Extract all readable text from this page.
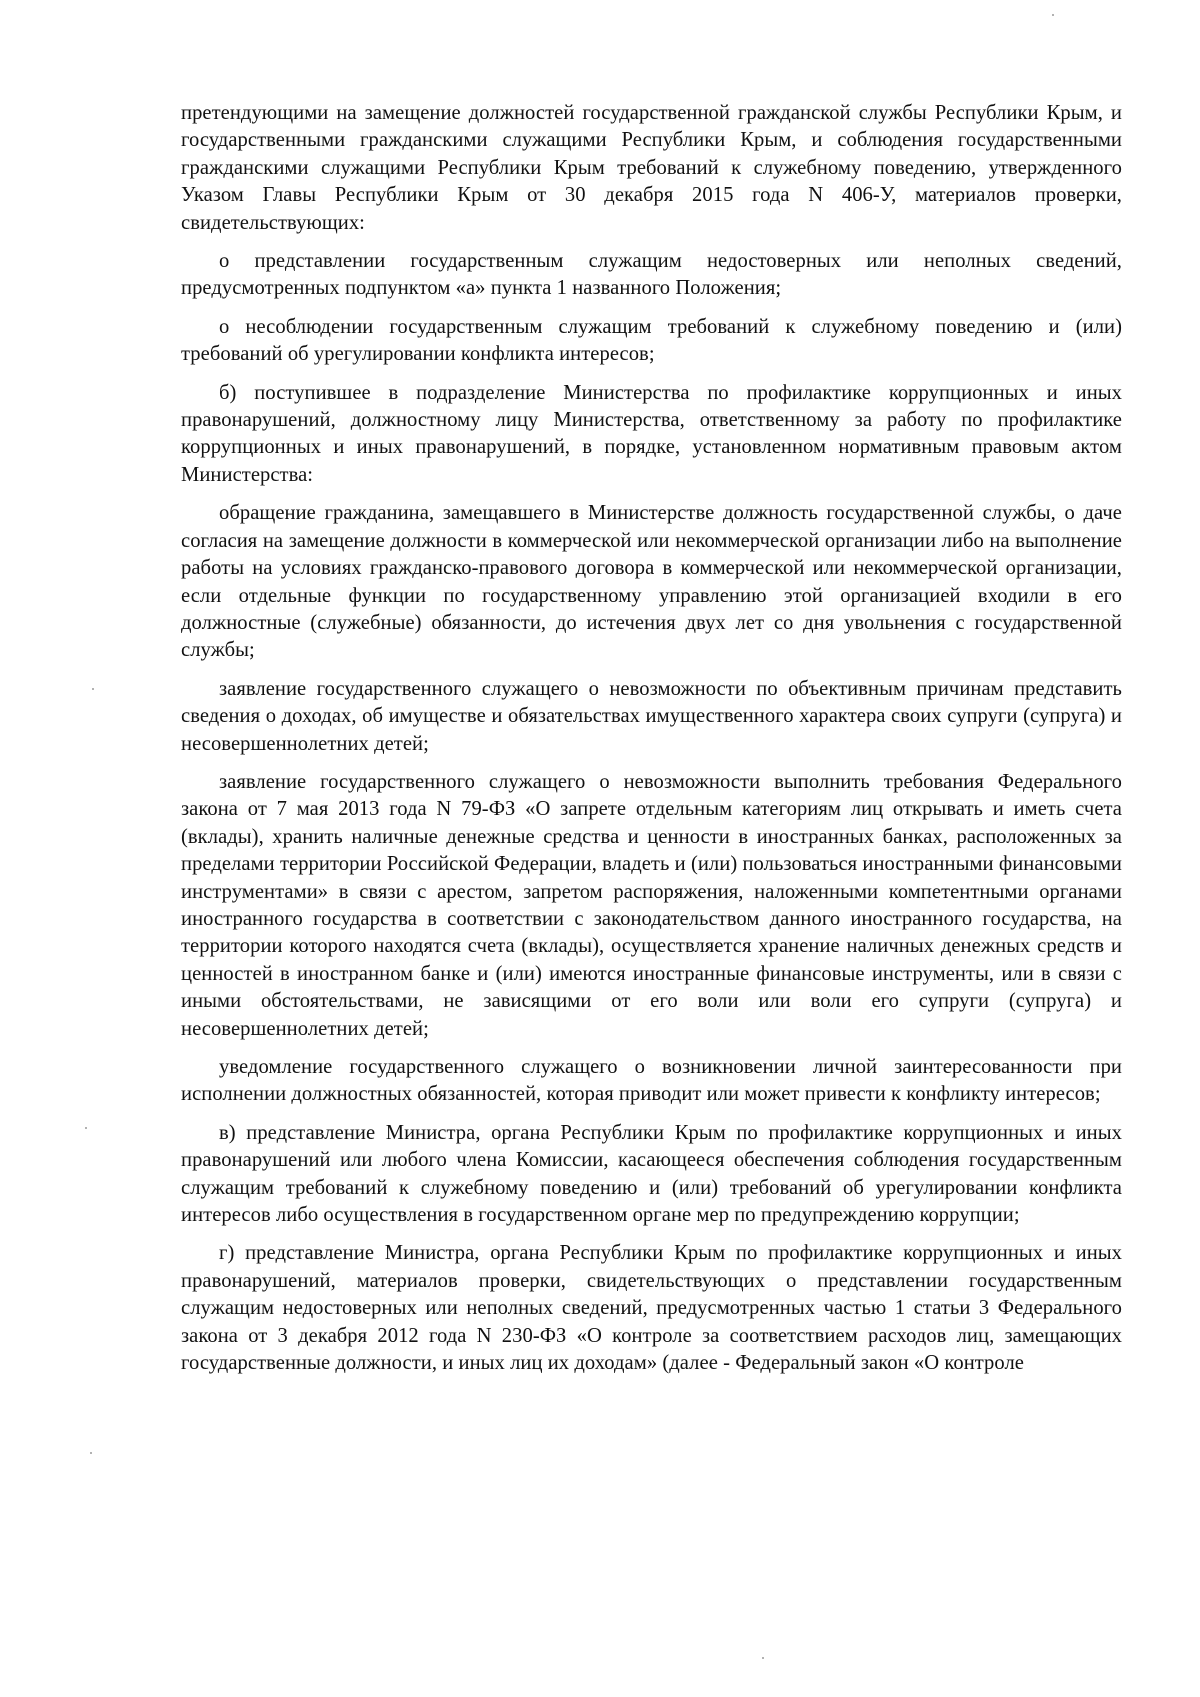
претендующими на замещение должностей государственной гражданской службы Республики Крым, и государственными гражданскими служащими Республики Крым, и соблюдения государственными гражданскими служащими Республики Крым требований к служебному поведению, утвержденного Указом Главы Республики Крым от 30 декабря 2015 года N 406-У, материалов проверки, свидетельствующих:

о представлении государственным служащим недостоверных или неполных сведений, предусмотренных подпунктом «а» пункта 1 названного Положения;

о несоблюдении государственным служащим требований к служебному поведению и (или) требований об урегулировании конфликта интересов;

б) поступившее в подразделение Министерства по профилактике коррупционных и иных правонарушений, должностному лицу Министерства, ответственному за работу по профилактике коррупционных и иных правонарушений, в порядке, установленном нормативным правовым актом Министерства:

обращение гражданина, замещавшего в Министерстве должность государственной службы, о даче согласия на замещение должности в коммерческой или некоммерческой организации либо на выполнение работы на условиях гражданско-правового договора в коммерческой или некоммерческой организации, если отдельные функции по государственному управлению этой организацией входили в его должностные (служебные) обязанности, до истечения двух лет со дня увольнения с государственной службы;

заявление государственного служащего о невозможности по объективным причинам представить сведения о доходах, об имуществе и обязательствах имущественного характера своих супруги (супруга) и несовершеннолетних детей;

заявление государственного служащего о невозможности выполнить требования Федерального закона от 7 мая 2013 года N 79-ФЗ «О запрете отдельным категориям лиц открывать и иметь счета (вклады), хранить наличные денежные средства и ценности в иностранных банках, расположенных за пределами территории Российской Федерации, владеть и (или) пользоваться иностранными финансовыми инструментами» в связи с арестом, запретом распоряжения, наложенными компетентными органами иностранного государства в соответствии с законодательством данного иностранного государства, на территории которого находятся счета (вклады), осуществляется хранение наличных денежных средств и ценностей в иностранном банке и (или) имеются иностранные финансовые инструменты, или в связи с иными обстоятельствами, не зависящими от его воли или воли его супруги (супруга) и несовершеннолетних детей;

уведомление государственного служащего о возникновении личной заинтересованности при исполнении должностных обязанностей, которая приводит или может привести к конфликту интересов;

в) представление Министра, органа Республики Крым по профилактике коррупционных и иных правонарушений или любого члена Комиссии, касающееся обеспечения соблюдения государственным служащим требований к служебному поведению и (или) требований об урегулировании конфликта интересов либо осуществления в государственном органе мер по предупреждению коррупции;

г) представление Министра, органа Республики Крым по профилактике коррупционных и иных правонарушений, материалов проверки, свидетельствующих о представлении государственным служащим недостоверных или неполных сведений, предусмотренных частью 1 статьи 3 Федерального закона от 3 декабря 2012 года N 230-ФЗ «О контроле за соответствием расходов лиц, замещающих государственные должности, и иных лиц их доходам» (далее - Федеральный закон «О контроле
